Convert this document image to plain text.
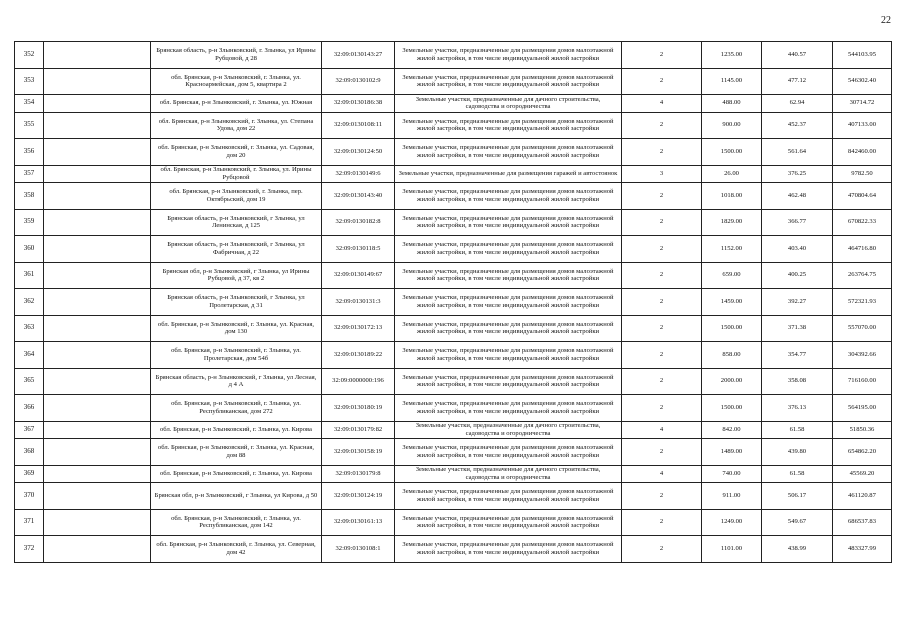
22
352		Брянская область, р-н Злынковский, г. Злынка, ул Ирины Рубцовой, д 28	32:09:0130143:27	Земельные участки, предназначенные для размещения домов малоэтажной жилой застройки, в том числе индивидуальной жилой застройки	2	1235.00	440.57	544103.95
353		обл. Брянская, р-н Злынковский, г. Злынка, ул. Красноармейская, дом 5, квартира 2	32:09:0130102:9	Земельные участки, предназначенные для размещения домов малоэтажной жилой застройки, в том числе индивидуальной жилой застройки	2	1145.00	477.12	546302.40
354		обл. Брянская, р-н Злынковский, г. Злынка, ул. Южная	32:09:0130186:38	Земельные участки, предназначенные для дачного строительства, садоводства и огородничества	4	488.00	62.94	30714.72
355		обл. Брянская, р-н Злынковский, г. Злынка, ул. Степана Удова, дом 22	32:09:0130108:11	Земельные участки, предназначенные для размещения домов малоэтажной жилой застройки, в том числе индивидуальной жилой застройки	2	900.00	452.37	407133.00
356		обл. Брянская, р-н Злынковский, г. Злынка, ул. Садовая, дом 20	32:09:0130124:50	Земельные участки, предназначенные для размещения домов малоэтажной жилой застройки, в том числе индивидуальной жилой застройки	2	1500.00	561.64	842460.00
357		обл. Брянская, р-н Злынковский, г. Злынка, ул. Ирины Рубцовой	32:09:0130149:6	Земельные участки, предназначенные для размещения гаражей и автостоянок	3	26.00	376.25	9782.50
358		обл. Брянская, р-н Злынковский, г. Злынка, пер. Октябрьский, дом 19	32:09:0130143:40	Земельные участки, предназначенные для размещения домов малоэтажной жилой застройки, в том числе индивидуальной жилой застройки	2	1018.00	462.48	470804.64
359		Брянская область, р-н Злынковский, г Злынка, ул Ленинская, д 125	32:09:0130182:8	Земельные участки, предназначенные для размещения домов малоэтажной жилой застройки, в том числе индивидуальной жилой застройки	2	1829.00	366.77	670822.33
360		Брянская область, р-н Злынковский, г Злынка, ул Фабричная, д 22	32:09:0130118:5	Земельные участки, предназначенные для размещения домов малоэтажной жилой застройки, в том числе индивидуальной жилой застройки	2	1152.00	403.40	464716.80
361		Брянская обл, р-н Злынковский, г Злынка, ул Ирины Рубцовой, д 37, кв 2	32:09:0130149:67	Земельные участки, предназначенные для размещения домов малоэтажной жилой застройки, в том числе индивидуальной жилой застройки	2	659.00	400.25	263764.75
362		Брянская область, р-н Злынковский, г Злынка, ул Пролетарская, д 31	32:09:0130131:3	Земельные участки, предназначенные для размещения домов малоэтажной жилой застройки, в том числе индивидуальной жилой застройки	2	1459.00	392.27	572321.93
363		обл. Брянская, р-н Злынковский, г. Злынка, ул. Красная, дом 130	32:09:0130172:13	Земельные участки, предназначенные для размещения домов малоэтажной жилой застройки, в том числе индивидуальной жилой застройки	2	1500.00	371.38	557070.00
364		обл. Брянская, р-н Злынковский, г. Злынка, ул. Пролетарская, дом 54б	32:09:0130189:22	Земельные участки, предназначенные для размещения домов малоэтажной жилой застройки, в том числе индивидуальной жилой застройки	2	858.00	354.77	304392.66
365		Брянская область, р-н Злынковский, г Злынка, ул Лесная, д 4 А	32:09:0000000:196	Земельные участки, предназначенные для размещения домов малоэтажной жилой застройки, в том числе индивидуальной жилой застройки	2	2000.00	358.08	716160.00
366		обл. Брянская, р-н Злынковский, г. Злынка, ул. Республиканская, дом 272	32:09:0130180:19	Земельные участки, предназначенные для размещения домов малоэтажной жилой застройки, в том числе индивидуальной жилой застройки	2	1500.00	376.13	564195.00
367		обл. Брянская, р-н Злынковский, г. Злынка, ул. Кирова	32:09:0130179:82	Земельные участки, предназначенные для дачного строительства, садоводства и огородничества	4	842.00	61.58	51850.36
368		обл. Брянская, р-н Злынковский, г. Злынка, ул. Красная, дом 88	32:09:0130158:19	Земельные участки, предназначенные для размещения домов малоэтажной жилой застройки, в том числе индивидуальной жилой застройки	2	1489.00	439.80	654862.20
369		обл. Брянская, р-н Злынковский, г. Злынка, ул. Кирова	32:09:0130179:8	Земельные участки, предназначенные для дачного строительства, садоводства и огородничества	4	740.00	61.58	45569.20
370		Брянская обл, р-н Злынковский, г Злынка, ул Кирова, д 50	32:09:0130124:19	Земельные участки, предназначенные для размещения домов малоэтажной жилой застройки, в том числе индивидуальной жилой застройки	2	911.00	506.17	461120.87
371		обл. Брянская, р-н Злынковский, г. Злынка, ул. Республиканская, дом 142	32:09:0130161:13	Земельные участки, предназначенные для размещения домов малоэтажной жилой застройки, в том числе индивидуальной жилой застройки	2	1249.00	549.67	686537.83
372		обл. Брянская, р-н Злынковский, г. Злынка, ул. Северная, дом 42	32:09:0130108:1	Земельные участки, предназначенные для размещения домов малоэтажной жилой застройки, в том числе индивидуальной жилой застройки	2	1101.00	438.99	483327.99
